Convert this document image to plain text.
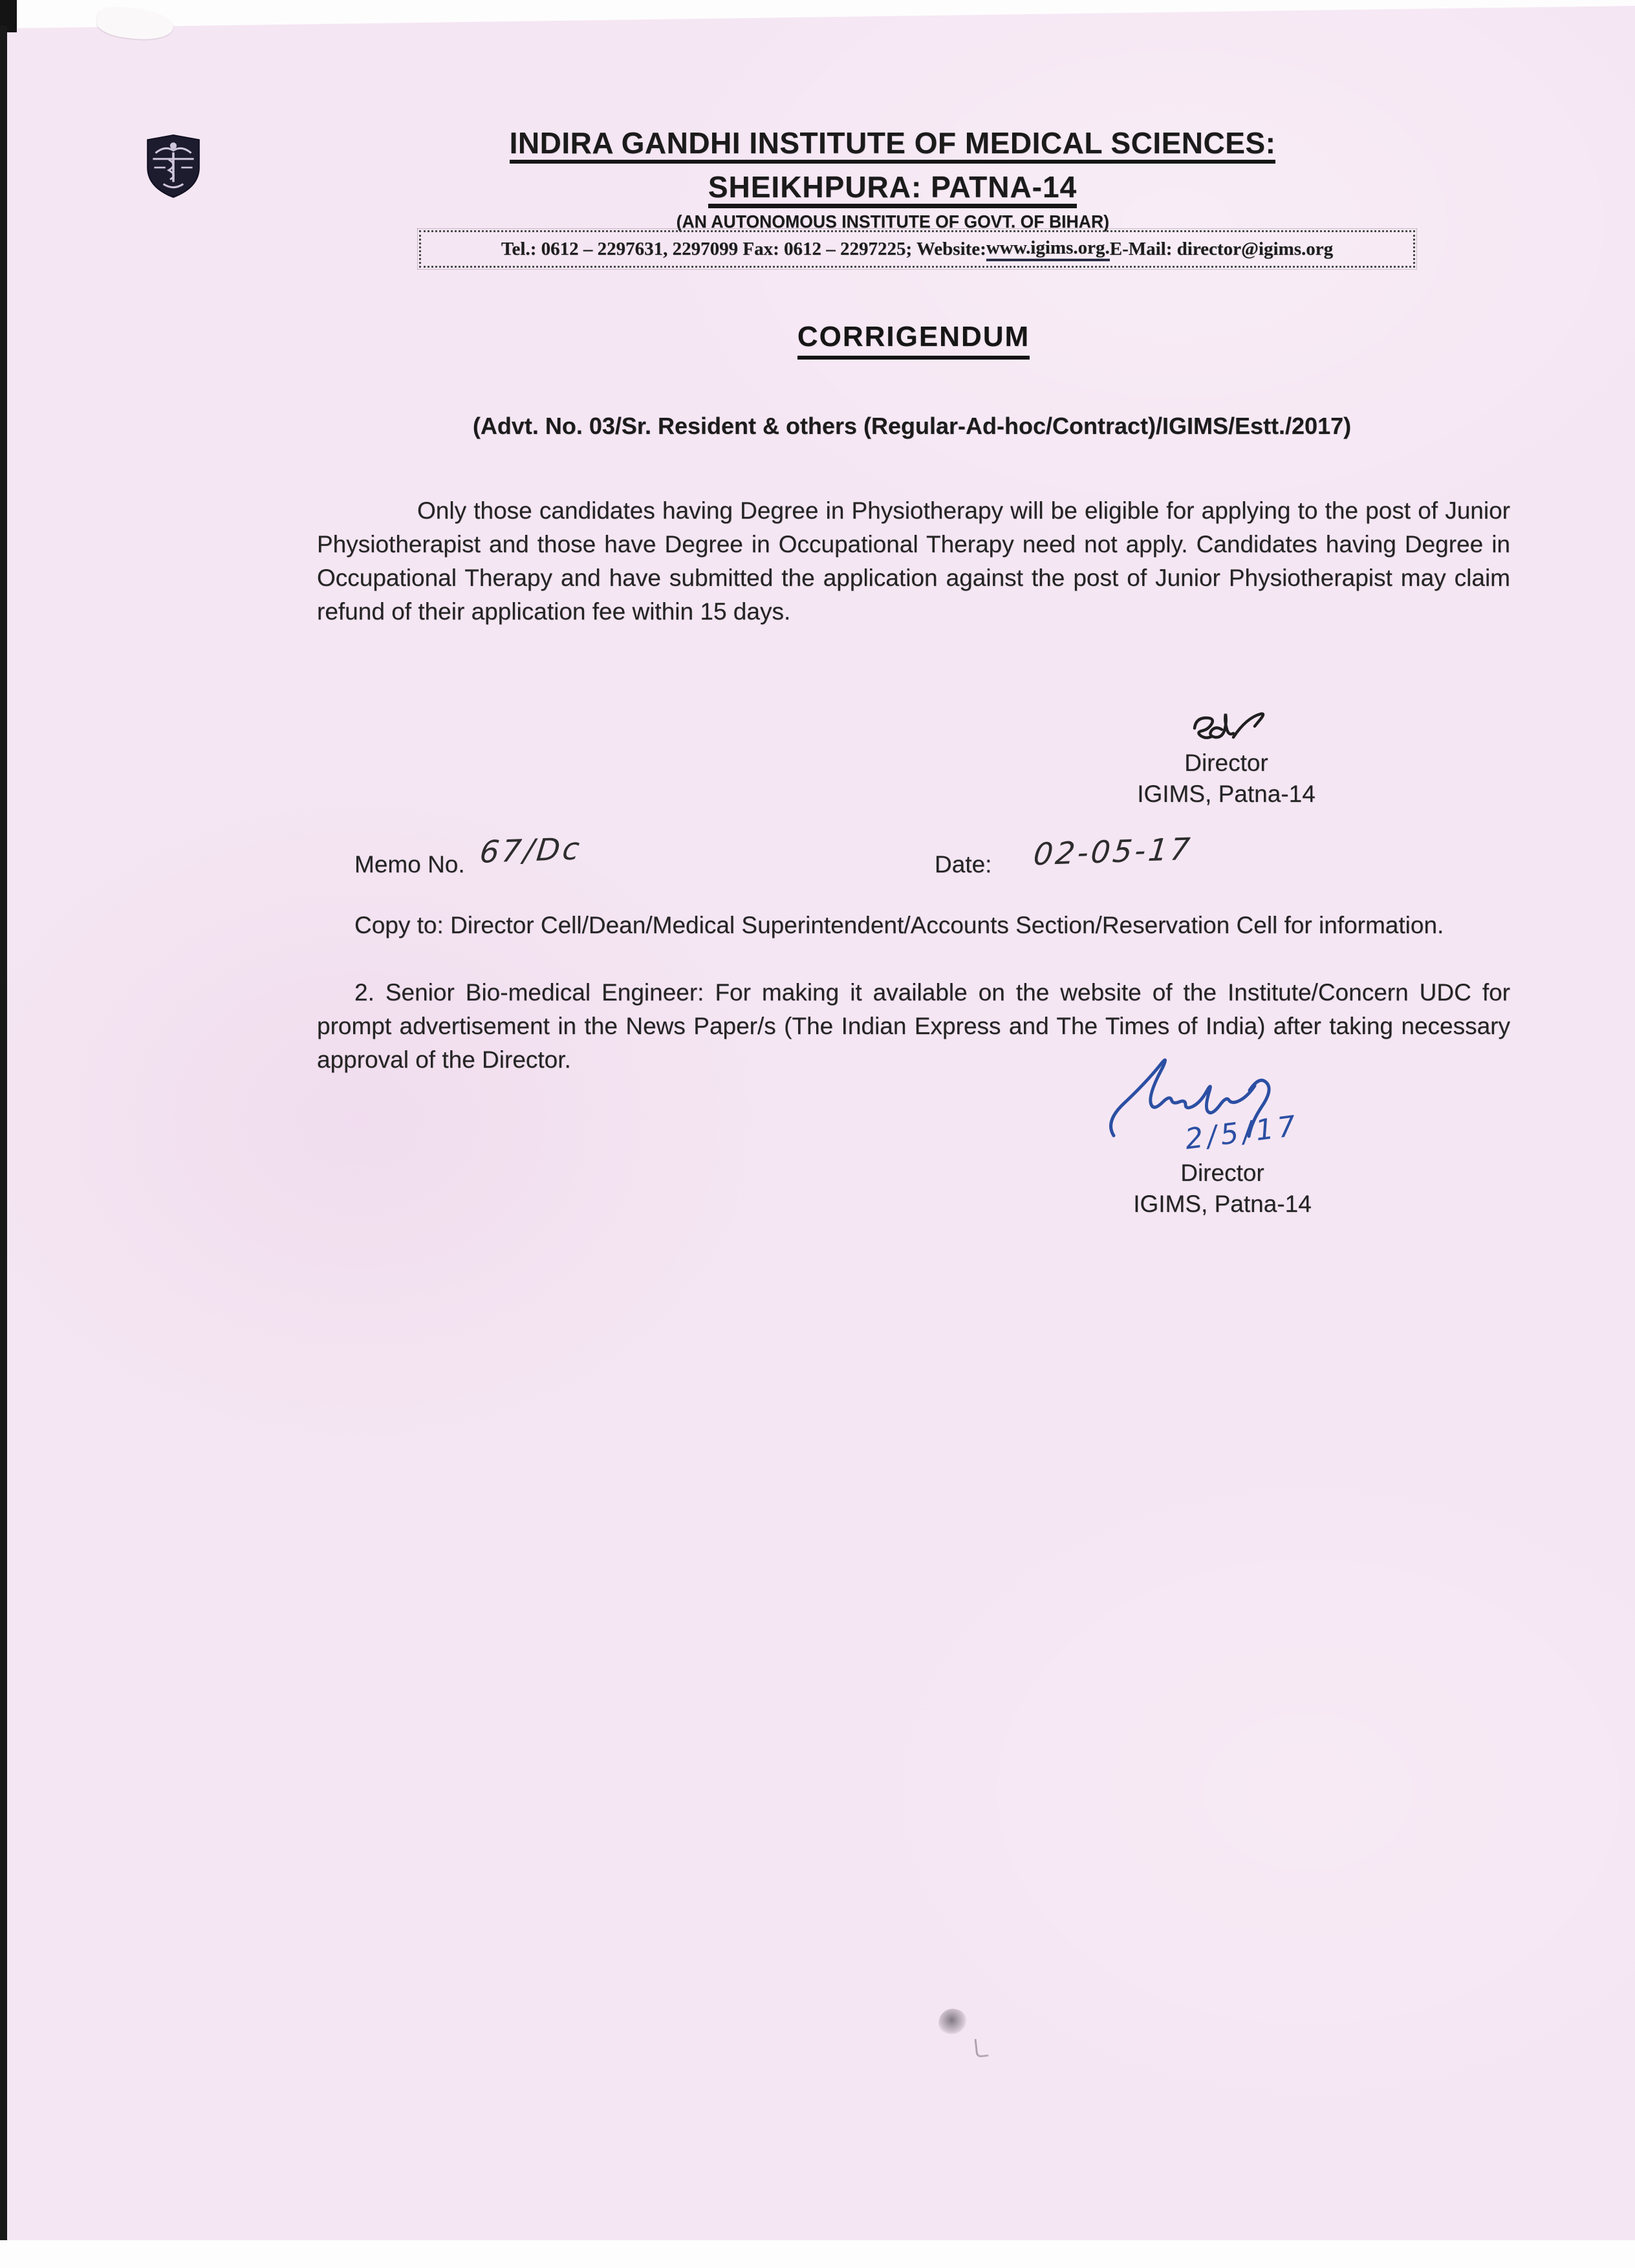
INDIRA GANDHI INSTITUTE OF MEDICAL SCIENCES:
SHEIKHPURA: PATNA-14
(AN AUTONOMOUS INSTITUTE OF GOVT. OF BIHAR)
Tel.: 0612 – 2297631, 2297099 Fax: 0612 – 2297225; Website: www.igims.org. E-Mail: director@igims.org
CORRIGENDUM
(Advt. No. 03/Sr. Resident & others (Regular-Ad-hoc/Contract)/IGIMS/Estt./2017)

Only those candidates having Degree in Physiotherapy will be eligible for applying to the post of Junior Physiotherapist and those have Degree in Occupational Therapy need not apply. Candidates having Degree in Occupational Therapy and have submitted the application against the post of Junior Physiotherapist may claim refund of their application fee within 15 days.

Director
IGIMS, Patna-14
Memo No. 67/Dc	Date: 02-05-17

Copy to: Director Cell/Dean/Medical Superintendent/Accounts Section/Reservation Cell for information.

2. Senior Bio-medical Engineer: For making it available on the website of the Institute/Concern UDC for prompt advertisement in the News Paper/s (The Indian Express and The Times of India) after taking necessary approval of the Director.

2/5/17
Director
IGIMS, Patna-14
